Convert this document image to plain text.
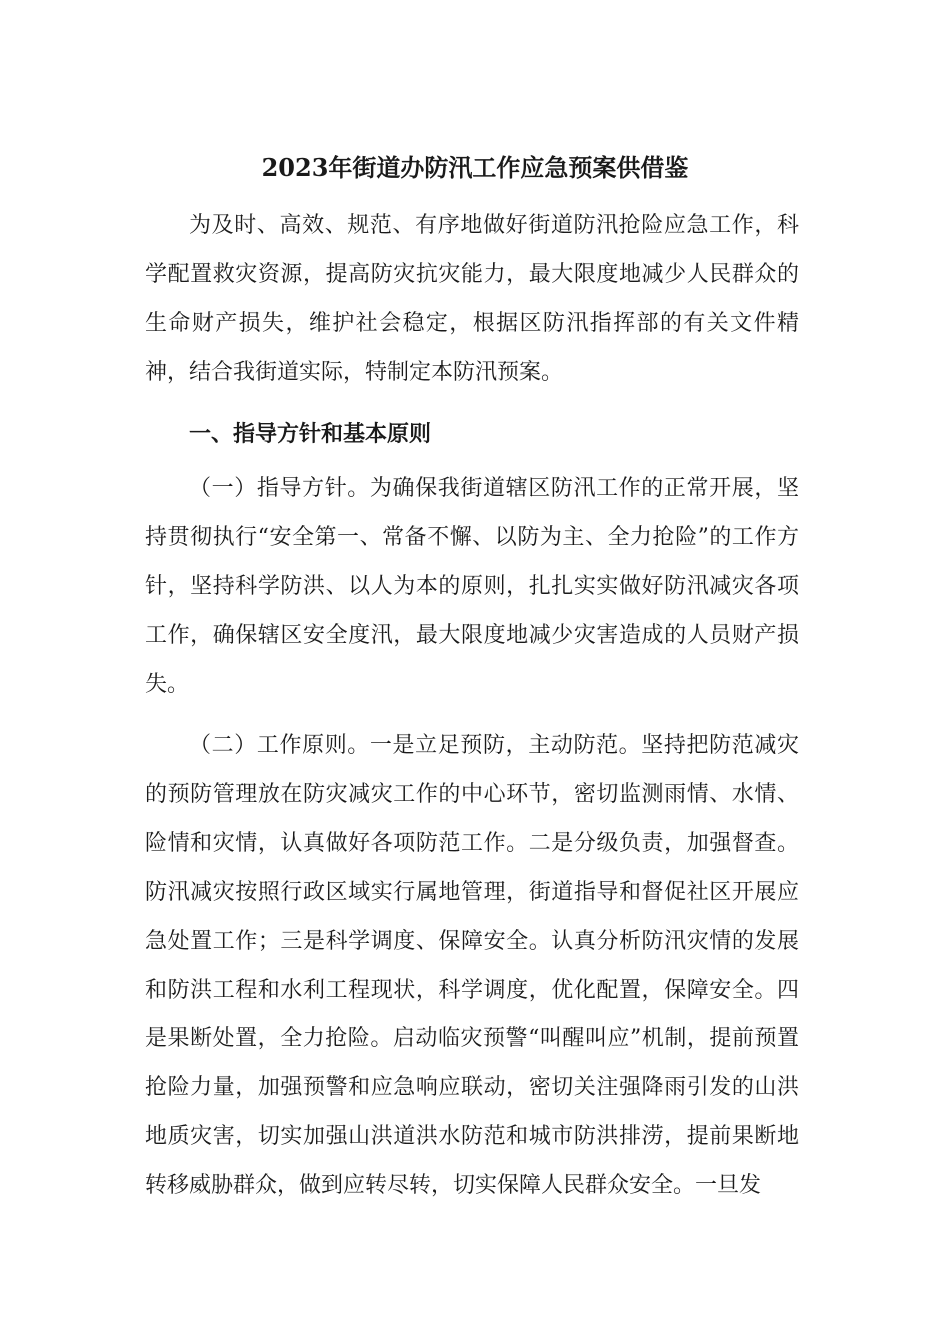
2023年街道办防汛工作应急预案供借鉴

为及时、高效、规范、有序地做好街道防汛抢险应急工作，科学配置救灾资源，提高防灾抗灾能力，最大限度地减少人民群众的生命财产损失，维护社会稳定，根据区防汛指挥部的有关文件精神，结合我街道实际，特制定本防汛预案。

一、指导方针和基本原则

（一）指导方针。为确保我街道辖区防汛工作的正常开展，坚持贯彻执行“安全第一、常备不懈、以防为主、全力抢险”的工作方针，坚持科学防洪、以人为本的原则，扎扎实实做好防汛减灾各项工作，确保辖区安全度汛，最大限度地减少灾害造成的人员财产损失。

（二）工作原则。一是立足预防，主动防范。坚持把防范减灾的预防管理放在防灾减灾工作的中心环节，密切监测雨情、水情、险情和灾情，认真做好各项防范工作。二是分级负责，加强督查。防汛减灾按照行政区域实行属地管理，街道指导和督促社区开展应急处置工作；三是科学调度、保障安全。认真分析防汛灾情的发展和防洪工程和水利工程现状，科学调度，优化配置，保障安全。四是果断处置，全力抢险。启动临灾预警“叫醒叫应”机制，提前预置抢险力量，加强预警和应急响应联动，密切关注强降雨引发的山洪地质灾害，切实加强山洪道洪水防范和城市防洪排涝，提前果断地转移威胁群众，做到应转尽转，切实保障人民群众安全。一旦发
